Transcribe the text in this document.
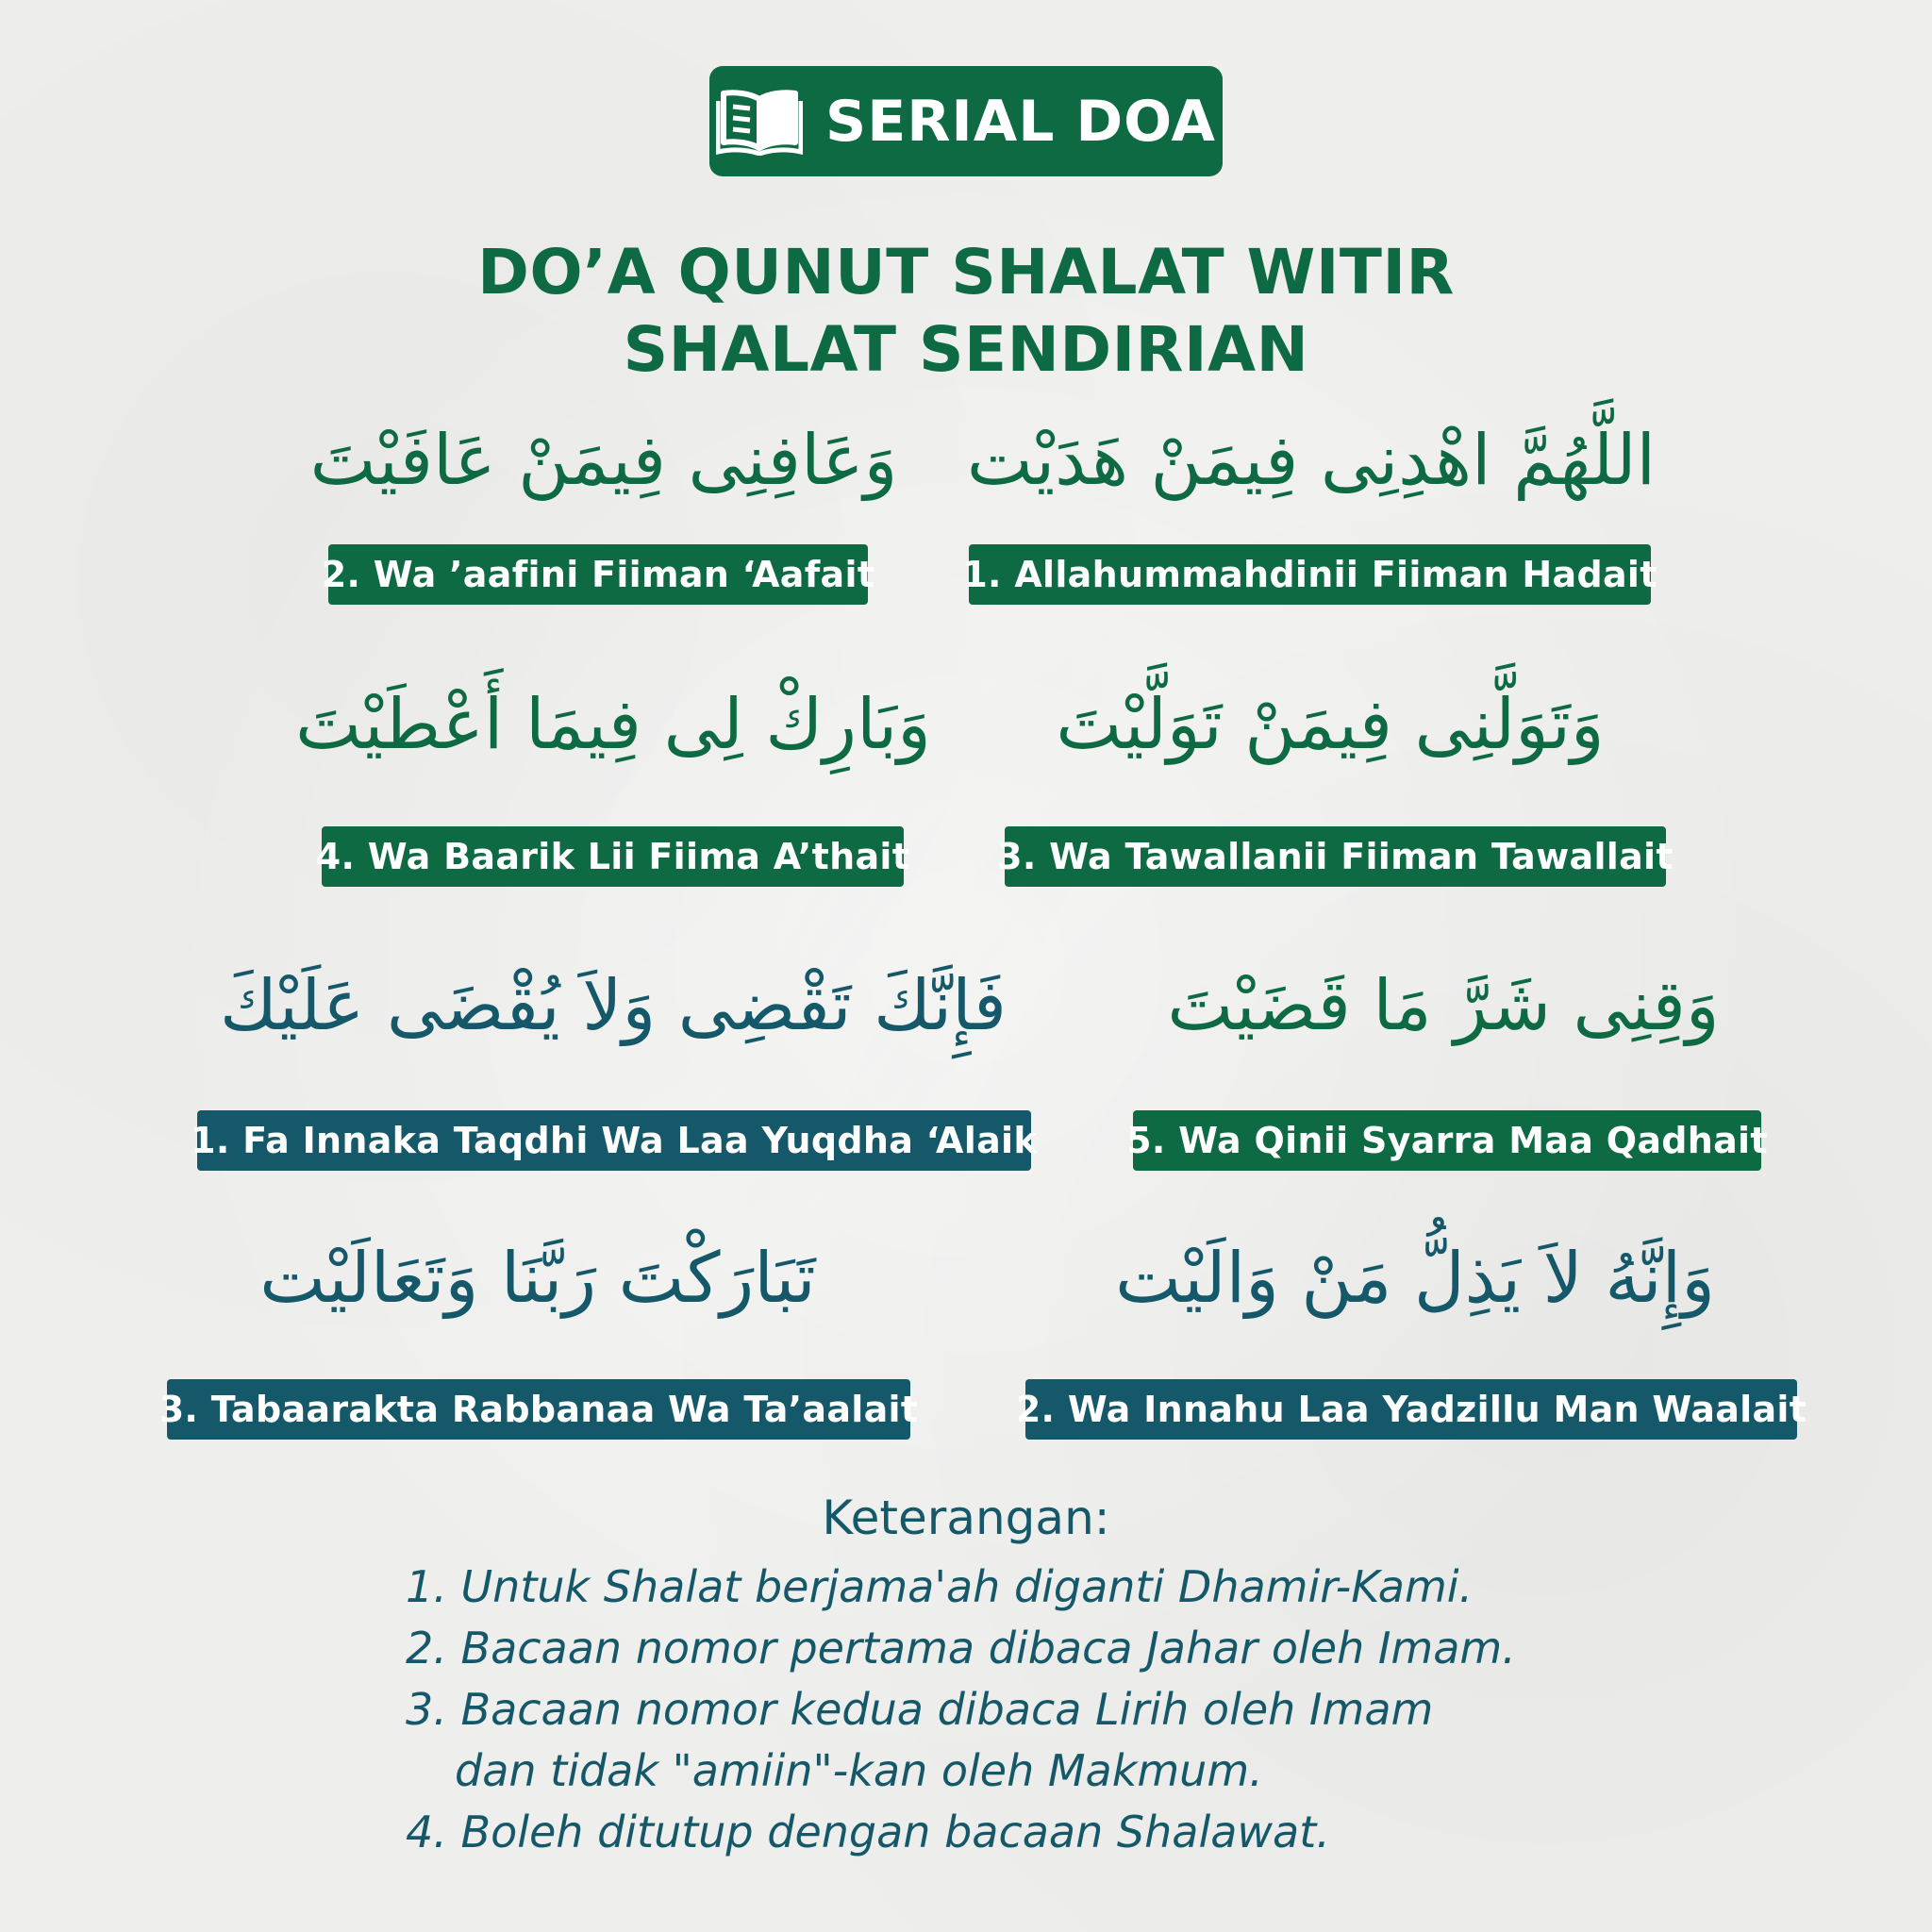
SERIAL DOA
DO’A QUNUT SHALAT WITIR
SHALAT SENDIRIAN
اللَّهُمَّ اهْدِنِى فِيمَنْ هَدَيْت
1. Allahummahdinii Fiiman Hadait
وَعَافِنِى فِيمَنْ عَافَيْتَ
2. Wa ’aafini Fiiman ‘Aafait
وَتَوَلَّنِى فِيمَنْ تَوَلَّيْتَ
3. Wa Tawallanii Fiiman Tawallait
وَبَارِكْ لِى فِيمَا أَعْطَيْتَ
4. Wa Baarik Lii Fiima A’thait
وَقِنِى شَرَّ مَا قَضَيْتَ
5. Wa Qinii Syarra Maa Qadhait
فَإِنَّكَ تَقْضِى وَلاَ يُقْضَى عَلَيْكَ
1. Fa Innaka Taqdhi Wa Laa Yuqdha ‘Alaik
وَإِنَّهُ لاَ يَذِلُّ مَنْ وَالَيْت
2. Wa Innahu Laa Yadzillu Man Waalait
تَبَارَكْتَ رَبَّنَا وَتَعَالَيْت
3. Tabaarakta Rabbanaa Wa Ta’aalait
Keterangan:
1. Untuk Shalat berjama'ah diganti Dhamir-Kami.
2. Bacaan nomor pertama dibaca Jahar oleh Imam.
3. Bacaan nomor kedua dibaca Lirih oleh Imam
dan tidak "amiin"-kan oleh Makmum.
4. Boleh ditutup dengan bacaan Shalawat.
